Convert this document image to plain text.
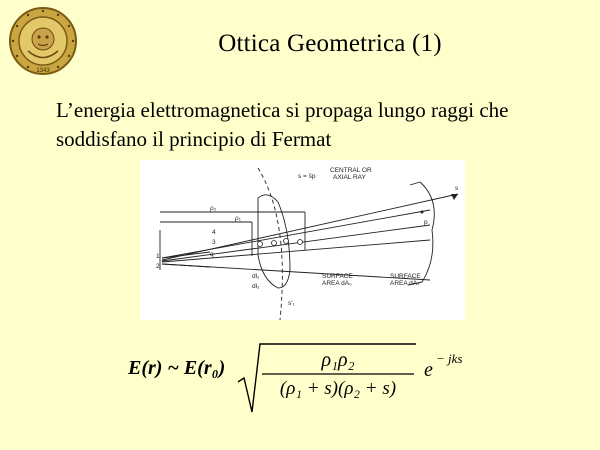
1343
Ottica Geometrica (1)
L’energia elettromagnetica si propaga lungo raggi che soddisfano il principio di Fermat
CENTRAL OR
AXIAL RAY
s = s̄p
SURFACE
AREA dA₀
SURFACE
AREA dAₛ
ρ₂
ρ₁
dl₁
dl₂
s'₁
1
2
3
4
q
p
s
E(r) ~ E(r₀)	ρ₁ρ₂
(ρ₁ + s)(ρ₂ + s)
e
− jks
